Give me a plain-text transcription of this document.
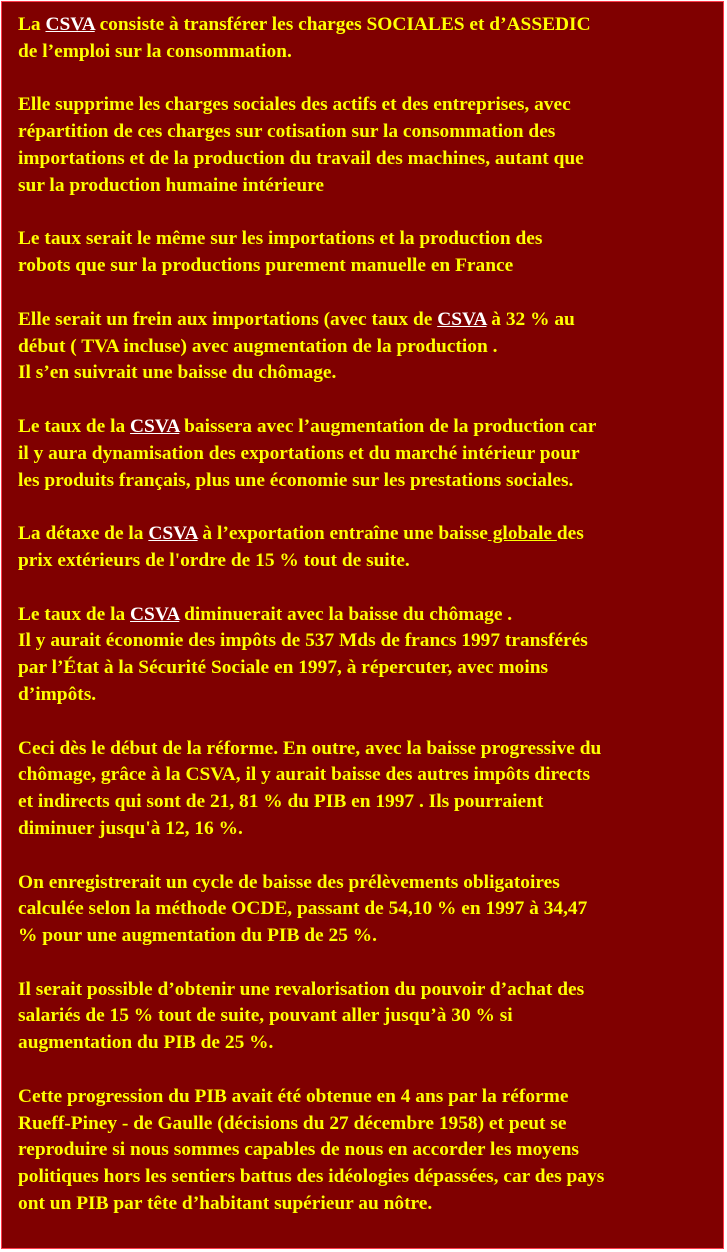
La CSVA consiste à transférer les charges SOCIALES et d’ASSEDIC
de l’emploi sur la consommation.
Elle supprime les charges sociales des actifs et des entreprises, avec
répartition de ces charges sur cotisation sur la consommation des
importations et de la production du travail des machines, autant que
sur la production humaine intérieure
Le taux serait le même sur les importations et la production des
robots que sur la productions purement manuelle en France
Elle serait un frein aux importations (avec taux de CSVA à 32 % au
début ( TVA incluse) avec augmentation de la production .
Il s’en suivrait une baisse du chômage.
Le taux de la CSVA baissera avec l’augmentation de la production car
il y aura dynamisation des exportations et du marché intérieur pour
les produits français, plus une économie sur les prestations sociales.
La détaxe de la CSVA à l’exportation entraîne une baisse globale des
prix extérieurs de l'ordre de 15 % tout de suite.
Le taux de la CSVA diminuerait avec la baisse du chômage .
Il y aurait économie des impôts de 537 Mds de francs 1997 transférés
par l’État à la Sécurité Sociale en 1997, à répercuter, avec moins
d’impôts.
Ceci dès le début de la réforme. En outre, avec la baisse progressive du
chômage, grâce à la CSVA, il y aurait baisse des autres impôts directs
et indirects qui sont de 21, 81 % du PIB en 1997 . Ils pourraient
diminuer jusqu'à 12, 16 %.
On enregistrerait un cycle de baisse des prélèvements obligatoires
calculée selon la méthode OCDE, passant de 54,10 % en 1997 à 34,47
% pour une augmentation du PIB de 25 %.
Il serait possible d’obtenir une revalorisation du pouvoir d’achat des
salariés de 15 % tout de suite, pouvant aller jusqu’à 30 % si
augmentation du PIB de 25 %.
Cette progression du PIB avait été obtenue en 4 ans par la réforme
Rueff-Piney - de Gaulle (décisions du 27 décembre 1958) et peut se
reproduire si nous sommes capables de nous en accorder les moyens
politiques hors les sentiers battus des idéologies dépassées, car des pays
ont un PIB par tête d’habitant supérieur au nôtre.
